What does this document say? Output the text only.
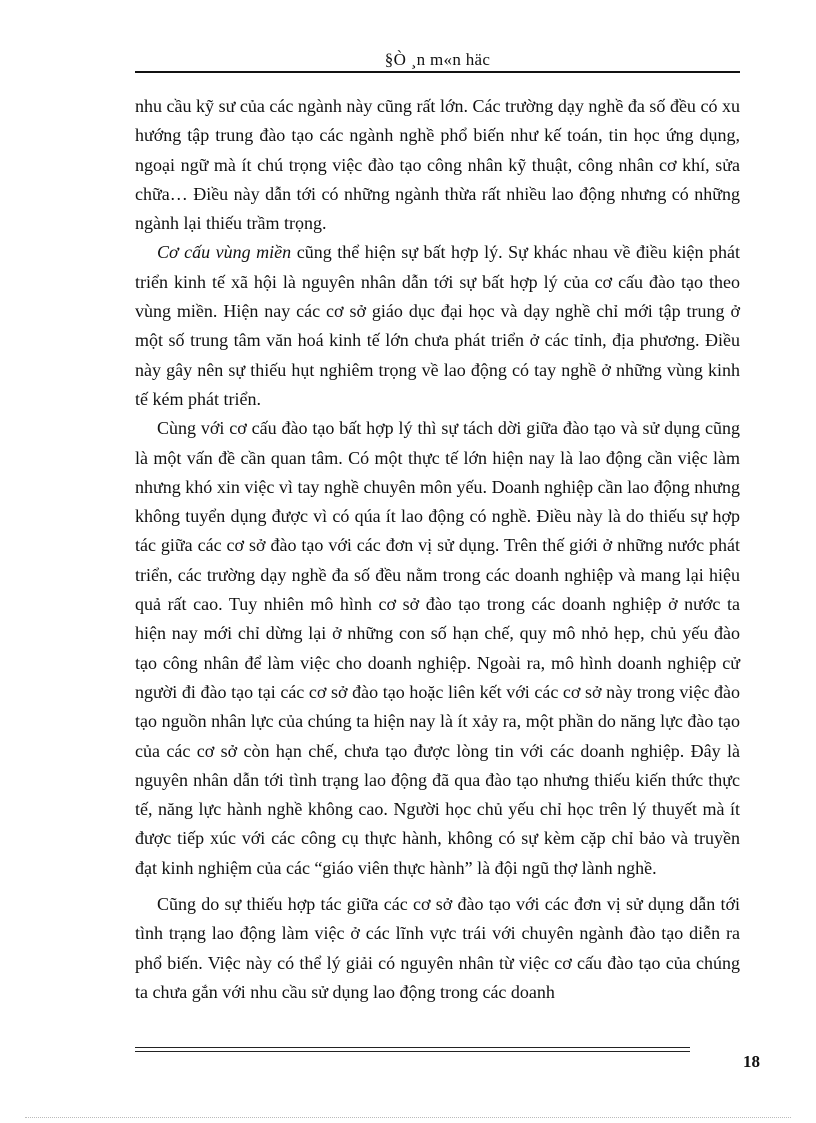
§Ò ¸n m«n häc

nhu cầu kỹ sư của các ngành này cũng rất lớn. Các trường dạy nghề đa số đều có xu hướng tập trung đào tạo các ngành nghề phổ biến như kế toán, tin học ứng dụng, ngoại ngữ mà ít chú trọng việc đào tạo công nhân kỹ thuật, công nhân cơ khí, sửa chữa… Điều này dẫn tới có những ngành thừa rất nhiều lao động nhưng có những ngành lại thiếu trầm trọng.

Cơ cấu vùng miền cũng thể hiện sự bất hợp lý. Sự khác nhau về điều kiện phát triển kinh tế xã hội là nguyên nhân dẫn tới sự bất hợp lý của cơ cấu đào tạo theo vùng miền. Hiện nay các cơ sở giáo dục đại học và dạy nghề chỉ mới tập trung ở một số trung tâm văn hoá kinh tế lớn chưa phát triển ở các tỉnh, địa phương. Điều này gây nên sự thiếu hụt nghiêm trọng về lao động có tay nghề ở những vùng kinh tế kém phát triển.

Cùng với cơ cấu đào tạo bất hợp lý thì sự tách dời giữa đào tạo và sử dụng cũng là một vấn đề cần quan tâm. Có một thực tế lớn hiện nay là lao động cần việc làm nhưng khó xin việc vì tay nghề chuyên môn yếu. Doanh nghiệp cần lao động nhưng không tuyển dụng được vì có qúa ít lao động có nghề. Điều này là do thiếu sự hợp tác giữa các cơ sở đào tạo với các đơn vị sử dụng. Trên thế giới ở những nước phát triển, các trường dạy nghề đa số đều nằm trong các doanh nghiệp và mang lại hiệu quả rất cao. Tuy nhiên mô hình cơ sở đào tạo trong các doanh nghiệp ở nước ta hiện nay mới chỉ dừng lại ở những con số hạn chế, quy mô nhỏ hẹp, chủ yếu đào tạo công nhân để làm việc cho doanh nghiệp. Ngoài ra, mô hình doanh nghiệp cử người đi đào tạo tại các cơ sở đào tạo hoặc liên kết với các cơ sở này trong việc đào tạo nguồn nhân lực của chúng ta hiện nay là ít xảy ra, một phần do năng lực đào tạo của các cơ sở còn hạn chế, chưa tạo được lòng tin với các doanh nghiệp. Đây là nguyên nhân dẫn tới tình trạng lao động đã qua đào tạo nhưng thiếu kiến thức thực tế, năng lực hành nghề không cao. Người học chủ yếu chỉ học trên lý thuyết mà ít được tiếp xúc với các công cụ thực hành, không có sự kèm cặp chỉ bảo và truyền đạt kinh nghiệm của các “giáo viên thực hành” là đội ngũ thợ lành nghề.

Cũng do sự thiếu hợp tác giữa các cơ sở đào tạo với các đơn vị sử dụng dẫn tới tình trạng lao động làm việc ở các lĩnh vực trái với chuyên ngành đào tạo diễn ra phổ biến. Việc này có thể lý giải có nguyên nhân từ việc cơ cấu đào tạo của chúng ta chưa gắn với nhu cầu sử dụng lao động trong các doanh

18
